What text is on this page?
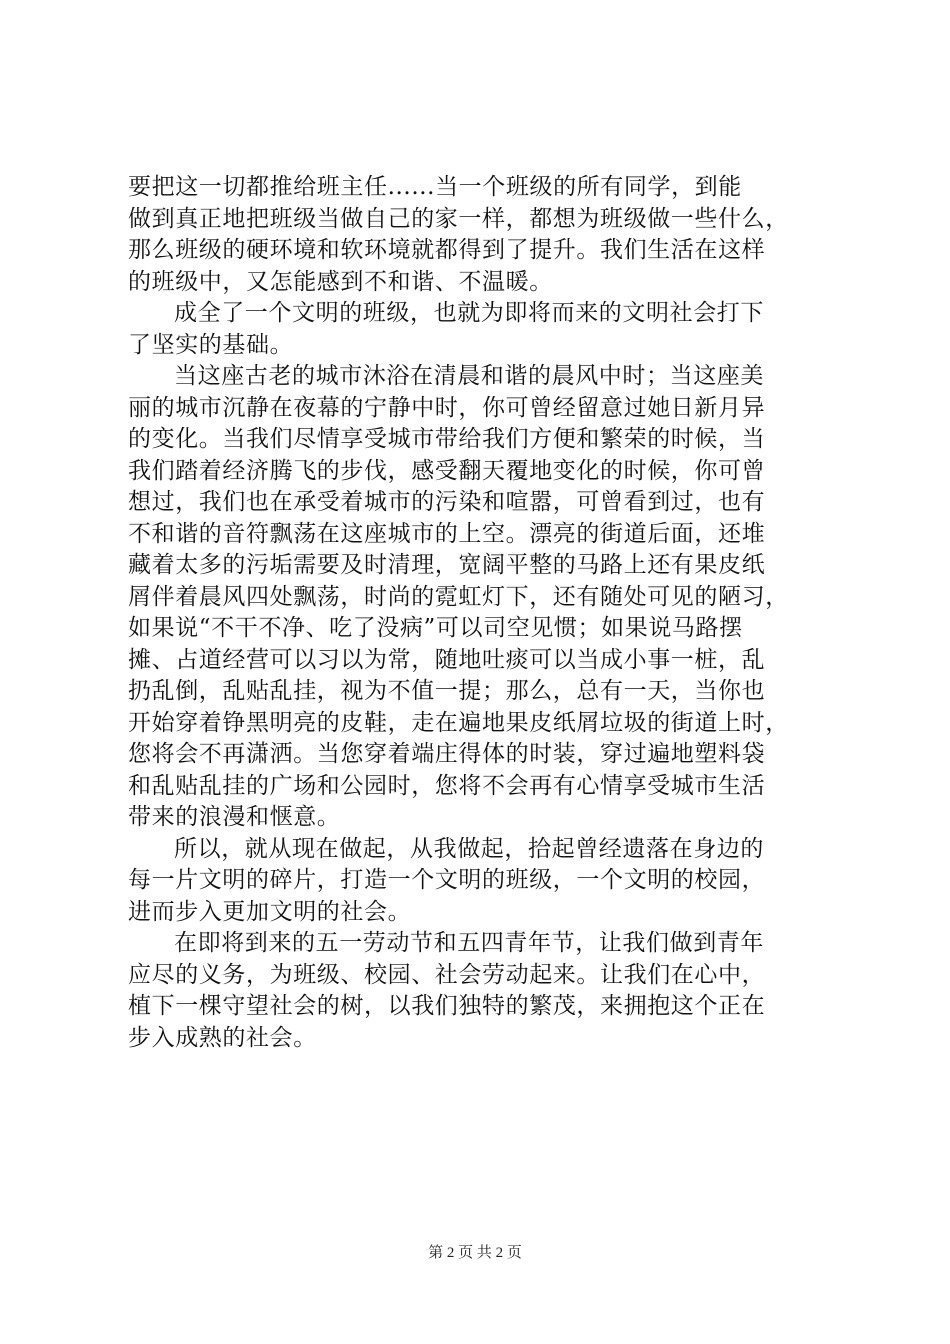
要把这一切都推给班主任......当一个班级的所有同学，到能
做到真正地把班级当做自己的家一样，都想为班级做一些什么，
那么班级的硬环境和软环境就都得到了提升。我们生活在这样
的班级中，又怎能感到不和谐、不温暖。
成全了一个文明的班级，也就为即将而来的文明社会打下
了坚实的基础。
当这座古老的城市沐浴在清晨和谐的晨风中时；当这座美
丽的城市沉静在夜幕的宁静中时，你可曾经留意过她日新月异
的变化。当我们尽情享受城市带给我们方便和繁荣的时候，当
我们踏着经济腾飞的步伐，感受翻天覆地变化的时候，你可曾
想过，我们也在承受着城市的污染和喧嚣，可曾看到过，也有
不和谐的音符飘荡在这座城市的上空。漂亮的街道后面，还堆
藏着太多的污垢需要及时清理，宽阔平整的马路上还有果皮纸
屑伴着晨风四处飘荡，时尚的霓虹灯下，还有随处可见的陋习，
如果说“不干不净、吃了没病”可以司空见惯；如果说马路摆
摊、占道经营可以习以为常，随地吐痰可以当成小事一桩，乱
扔乱倒，乱贴乱挂，视为不值一提；那么，总有一天，当你也
开始穿着铮黑明亮的皮鞋，走在遍地果皮纸屑垃圾的街道上时，
您将会不再潇洒。当您穿着端庄得体的时装，穿过遍地塑料袋
和乱贴乱挂的广场和公园时，您将不会再有心情享受城市生活
带来的浪漫和惬意。
所以，就从现在做起，从我做起，拾起曾经遗落在身边的
每一片文明的碎片，打造一个文明的班级，一个文明的校园，
进而步入更加文明的社会。
在即将到来的五一劳动节和五四青年节，让我们做到青年
应尽的义务，为班级、校园、社会劳动起来。让我们在心中，
植下一棵守望社会的树，以我们独特的繁茂，来拥抱这个正在
步入成熟的社会。
第 2 页 共 2 页
